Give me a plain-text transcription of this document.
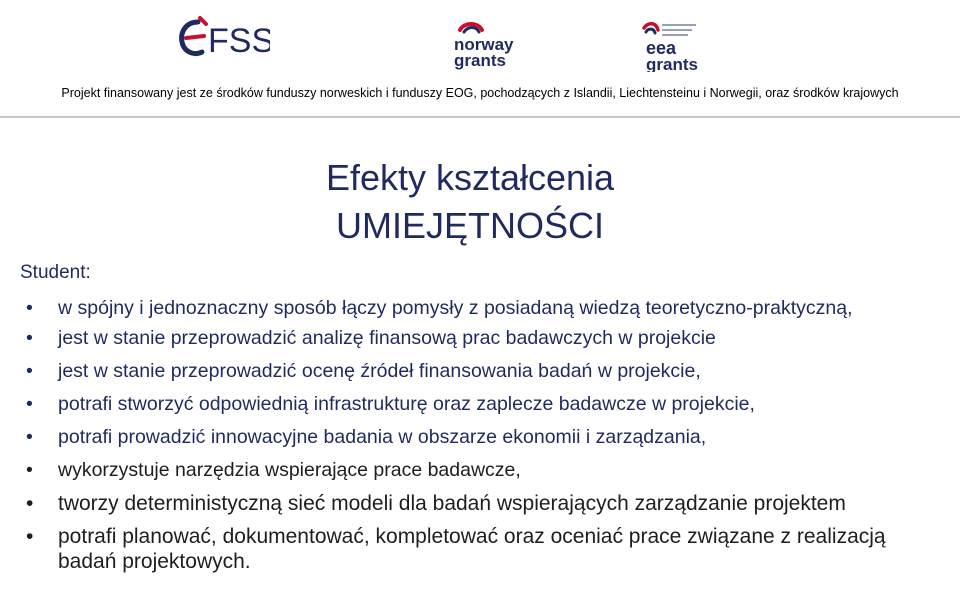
FSS	norway
grants
eea
grants
Projekt finansowany jest ze środków funduszy norweskich i funduszy EOG, pochodzących z Islandii, Liechtensteinu i Norwegii, oraz środków krajowych
Efekty kształcenia
UMIEJĘTNOŚCI
Student:
• w spójny i jednoznaczny sposób łączy pomysły z posiadaną wiedzą teoretyczno-praktyczną,
• jest w stanie przeprowadzić analizę finansową prac badawczych w projekcie
• jest w stanie przeprowadzić ocenę źródeł finansowania badań w projekcie,
• potrafi stworzyć odpowiednią infrastrukturę oraz zaplecze badawcze w projekcie,
• potrafi prowadzić innowacyjne badania w obszarze ekonomii i zarządzania,
• wykorzystuje narzędzia wspierające prace badawcze,
• tworzy deterministyczną sieć modeli dla badań wspierających zarządzanie projektem
• potrafi planować, dokumentować, kompletować oraz oceniać prace związane z realizacją badań projektowych.
